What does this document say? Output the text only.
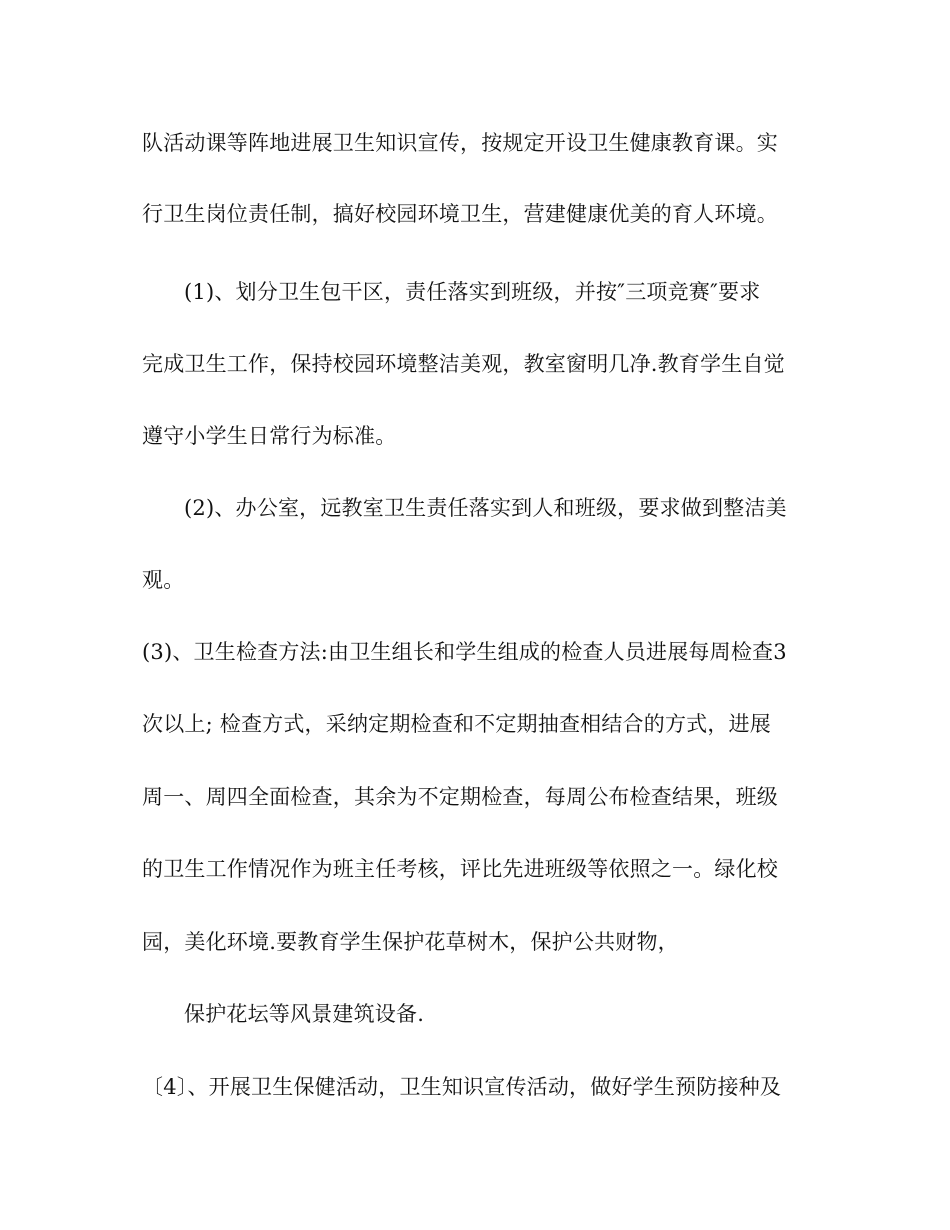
队活动课等阵地进展卫生知识宣传，按规定开设卫生健康教育课。实
行卫生岗位责任制，搞好校园环境卫生，营建健康优美的育人环境。
(1)、划分卫生包干区，责任落实到班级，并按″三项竞赛″要求
完成卫生工作，保持校园环境整洁美观，教室窗明几净.教育学生自觉
遵守小学生日常行为标准。
(2)、办公室，远教室卫生责任落实到人和班级，要求做到整洁美
观。
(3)、卫生检查方法:由卫生组长和学生组成的检查人员进展每周检查3
次以上; 检查方式，采纳定期检查和不定期抽查相结合的方式，进展
周一、周四全面检查，其余为不定期检查，每周公布检查结果，班级
的卫生工作情况作为班主任考核，评比先进班级等依照之一。绿化校
园，美化环境.要教育学生保护花草树木，保护公共财物，
保护花坛等风景建筑设备.
〔4〕、开展卫生保健活动，卫生知识宣传活动，做好学生预防接种及
